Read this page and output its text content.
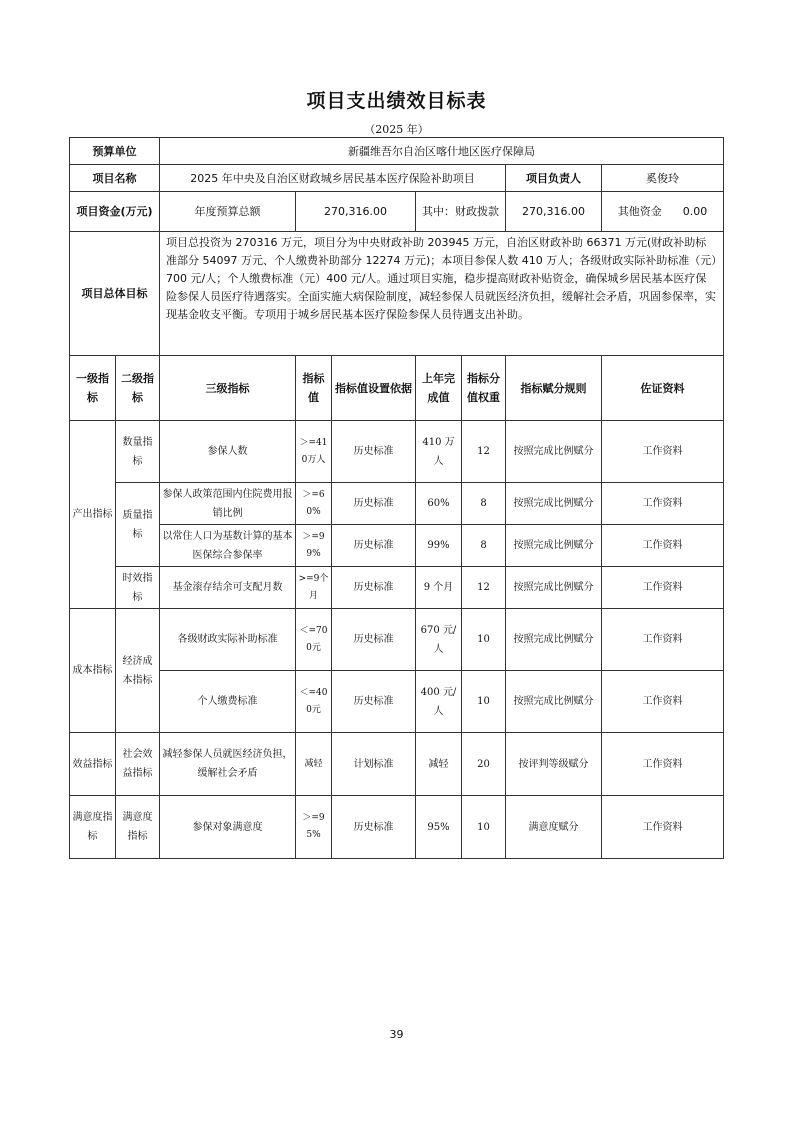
项目支出绩效目标表
（2025 年）
预算单位		新疆维吾尔自治区喀什地区医疗保障局						
项目名称		2025 年中央及自治区财政城乡居民基本医疗保险补助项目					项目负责人	奚俊玲
项目资金(万元)		年度预算总额	270,316.00		其中：财政拨款		270,316.00	其他资金 0.00
项目总体目标		项目总投资为 270316 万元，项目分为中央财政补助 203945 万元，自治区财政补助 66371 万元(财政补助标准部分 54097 万元、个人缴费补助部分 12274 万元)；本项目参保人数 410 万人；各级财政实际补助标准（元）700 元/人；个人缴费标准（元）400 元/人。通过项目实施，稳步提高财政补贴资金，确保城乡居民基本医疗保险参保人员医疗待遇落实。全面实施大病保险制度，减轻参保人员就医经济负担，缓解社会矛盾，巩固参保率，实现基金收支平衡。专项用于城乡居民基本医疗保险参保人员待遇支出补助。						
一级指标	二级指标	三级指标	指标值	指标值设置依据	上年完成值	指标分值权重	指标赋分规则	佐证资料
产出指标	数量指标	参保人数	＞=410万人	历史标准	410 万人	12	按照完成比例赋分	工作资料
	质量指标	参保人政策范围内住院费用报销比例	＞=60%	历史标准	60%	8	按照完成比例赋分	工作资料
		以常住人口为基数计算的基本医保综合参保率	＞=99%	历史标准	99%	8	按照完成比例赋分	工作资料
	时效指标	基金滚存结余可支配月数	>=9个月	历史标准	9 个月	12	按照完成比例赋分	工作资料
成本指标	经济成本指标	各级财政实际补助标准	＜=700元	历史标准	670 元/人	10	按照完成比例赋分	工作资料
		个人缴费标准	＜=400元	历史标准	400 元/人	10	按照完成比例赋分	工作资料
效益指标	社会效益指标	减轻参保人员就医经济负担，缓解社会矛盾	减轻	计划标准	减轻	20	按评判等级赋分	工作资料
满意度指标	满意度指标	参保对象满意度	＞=95%	历史标准	95%	10	满意度赋分	工作资料
39
